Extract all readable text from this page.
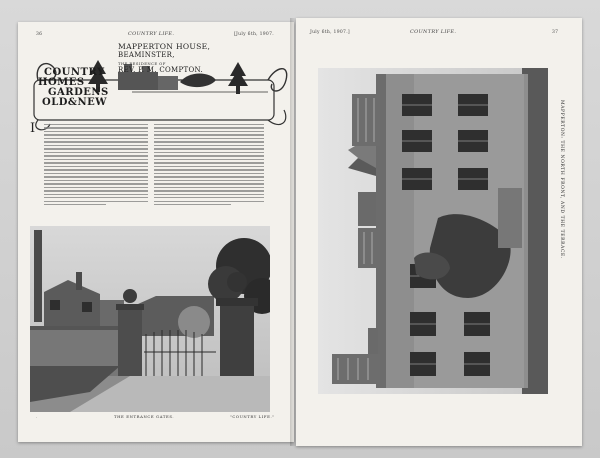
36	COUNTRY LIFE.	[July 6th, 1907.
COUNTRY
HOMES
GARDENS
OLD&NEW
MAPPERTON HOUSE,
BEAMINSTER,
THE RESIDENCE OF
REV. P. M. COMPTON.
I
.	THE ENTRANCE GATES.	"COUNTRY LIFE."
July 6th, 1907.]	COUNTRY LIFE.	37
MAPPERTON: THE NORTH FRONT, AND THE TERRACE.
